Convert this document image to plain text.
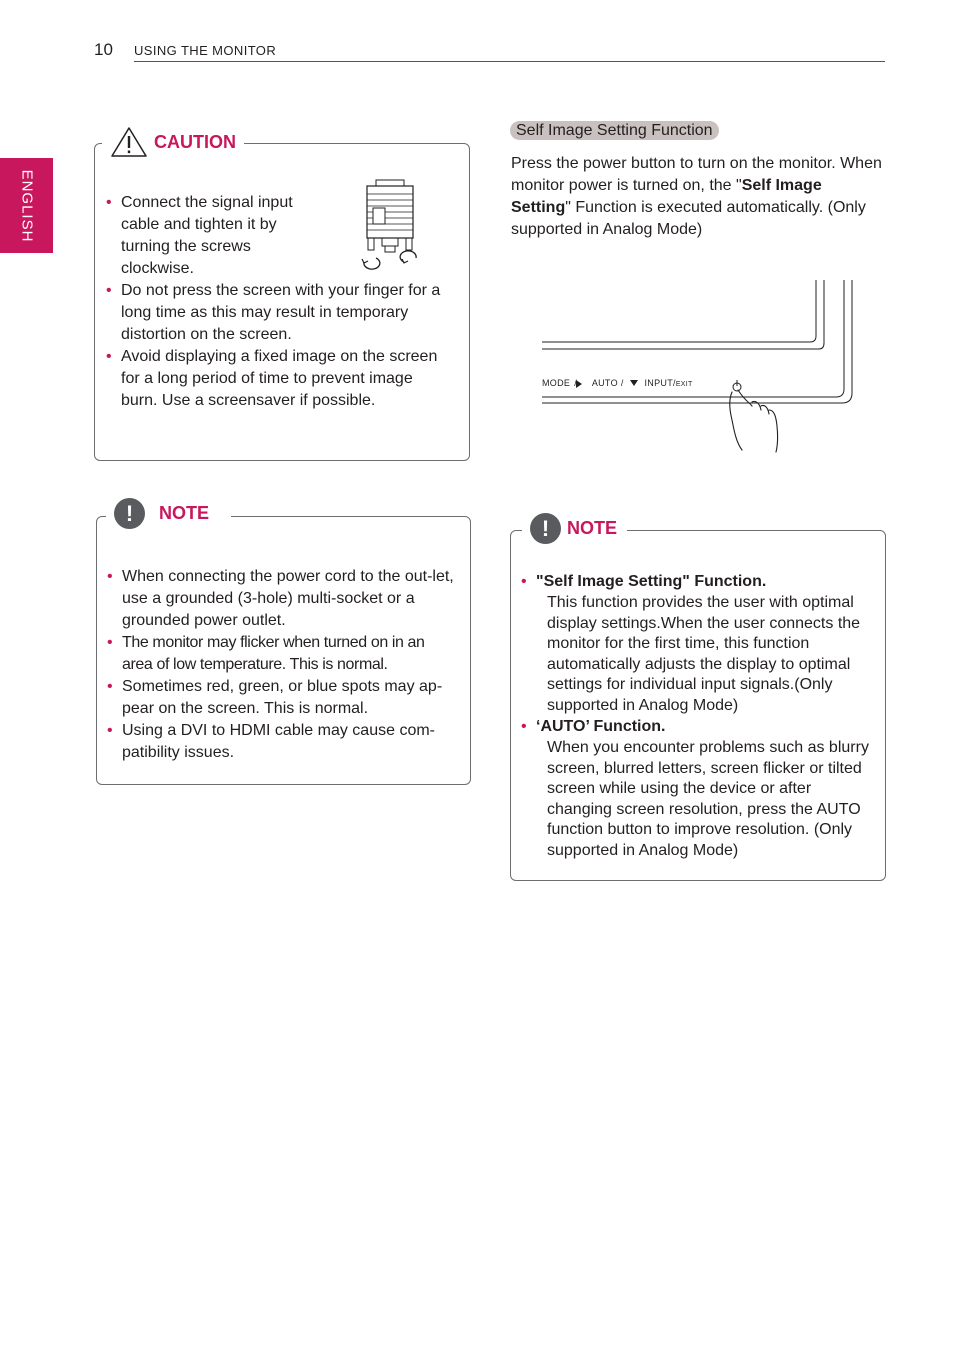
10 USING THE MONITOR
ENGLISH
CAUTION
• Connect the signal input cable and tighten it by turning the screws clockwise.
• Do not press the screen with your finger for a long time as this may result in temporary distortion on the screen.
• Avoid displaying a fixed image on the screen for a long period of time to prevent image burn. Use a screensaver if possible.
!	NOTE
• When connecting the power cord to the out-let, use a grounded (3-hole) multi-socket or a grounded power outlet.
• The monitor may flicker when turned on in an area of low temperature. This is normal.
• Sometimes red, green, or blue spots may ap-pear on the screen. This is normal.
• Using a DVI to HDMI cable may cause com-patibility issues.
Self Image Setting Function
Press the power button to turn on the monitor. When monitor power is turned on, the "Self Image Setting" Function is executed automatically. (Only supported in Analog Mode)
MODE / AUTO / INPUT/EXIT
! NOTE
• "Self Image Setting" Function.
This function provides the user with optimal display settings.When the user connects the monitor for the first time, this function automatically adjusts the display to optimal settings for individual input signals.(Only supported in Analog Mode)
• ‘AUTO’ Function.
When you encounter problems such as blurry screen, blurred letters, screen flicker or tilted screen while using the device or after changing screen resolution, press the AUTO function button to improve resolution. (Only supported in Analog Mode)
